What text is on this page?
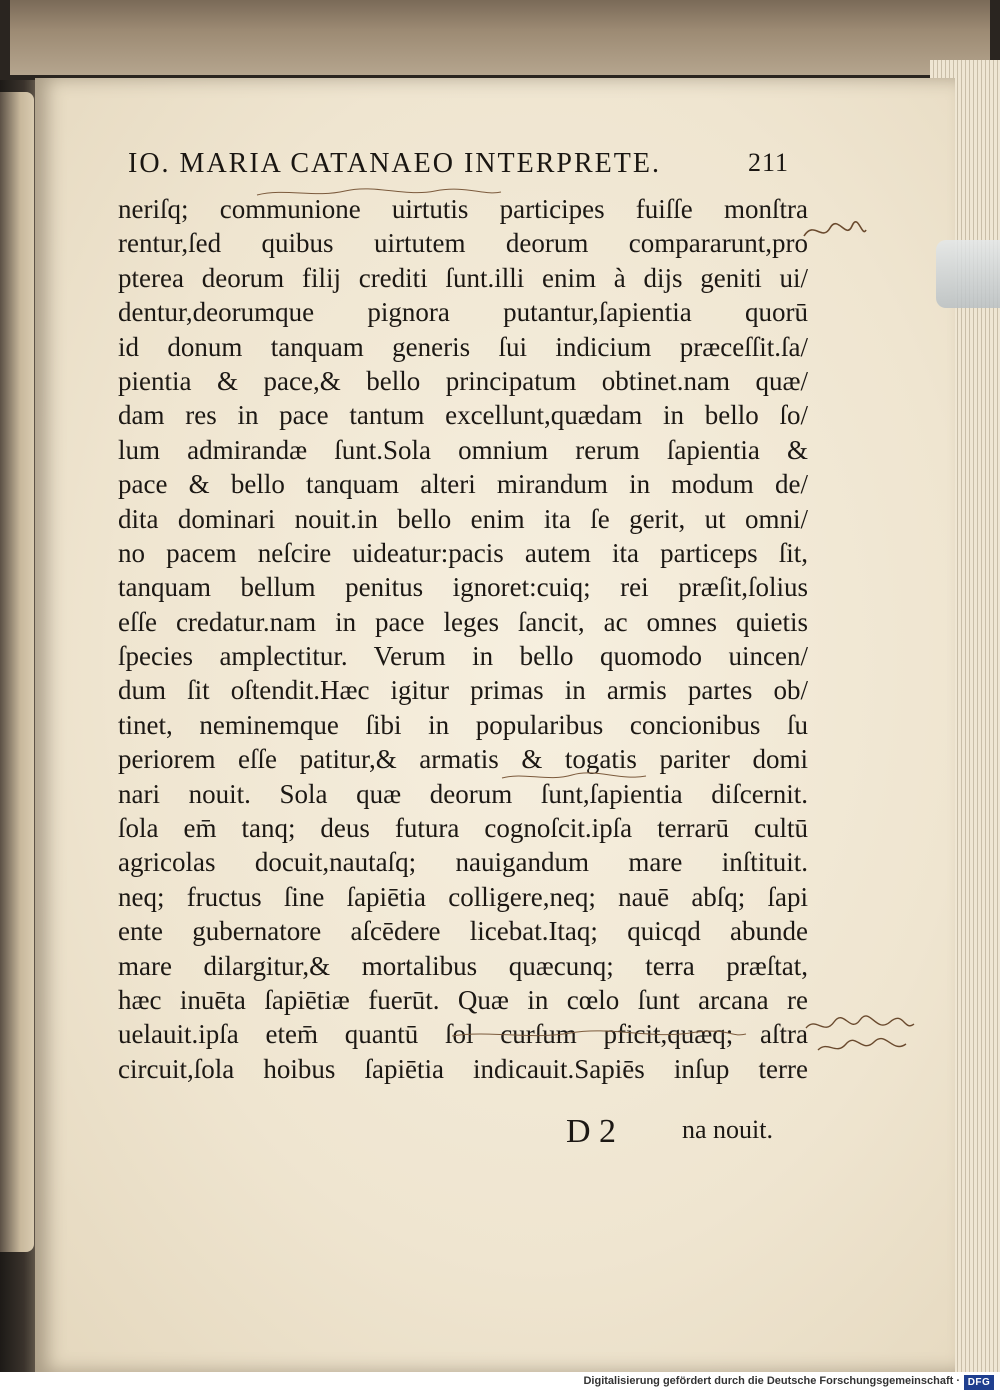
IO. MARIA CATANAEO INTERPRETE.	211
neriſq; communione uirtutis participes fuiſſe monſtra
rentur,ſed quibus uirtutem deorum compararunt,pro
pterea deorum filij crediti ſunt.illi enim à dijs geniti ui/
dentur,deorumque pignora putantur,ſapientia quorū
id donum tanquam generis ſui indicium præceſſit.ſa/
pientia & pace,& bello principatum obtinet.nam quæ/
dam res in pace tantum excellunt,quædam in bello ſo/
lum admirandæ ſunt.Sola omnium rerum ſapientia &
pace & bello tanquam alteri mirandum in modum de/
dita dominari nouit.in bello enim ita ſe gerit, ut omni/
no pacem neſcire uideatur:pacis autem ita particeps ſit,
tanquam bellum penitus ignoret:cuiq; rei præſit,ſolius
eſſe credatur.nam in pace leges ſancit, ac omnes quietis
ſpecies amplectitur. Verum in bello quomodo uincen/
dum ſit oſtendit.Hæc igitur primas in armis partes ob/
tinet, neminemque ſibi in popularibus concionibus ſu
periorem eſſe patitur,& armatis & togatis pariter domi
nari nouit. Sola quæ deorum ſunt,ſapientia diſcernit.
ſola em̄ tanq; deus futura cognoſcit.ipſa terrarū cultū
agricolas docuit,nautaſq; nauigandum mare inſtituit.
neq; fructus ſine ſapiētia colligere,neq; nauē abſq; ſapi
ente gubernatore aſcēdere licebat.Itaq; quicqd abunde
mare dilargitur,& mortalibus quæcunq; terra præſtat,
hæc inuēta ſapiētiæ fuerūt. Quæ in cœlo ſunt arcana re
uelauit.ipſa etem̄ quantū ſol curſum pficit,quæq; aſtra
circuit,ſola hoibus ſapiētia indicauit.Sapiēs inſup terre
D 2	na nouit.
Digitalisierung gefördert durch die Deutsche Forschungsgemeinschaft · DFG
